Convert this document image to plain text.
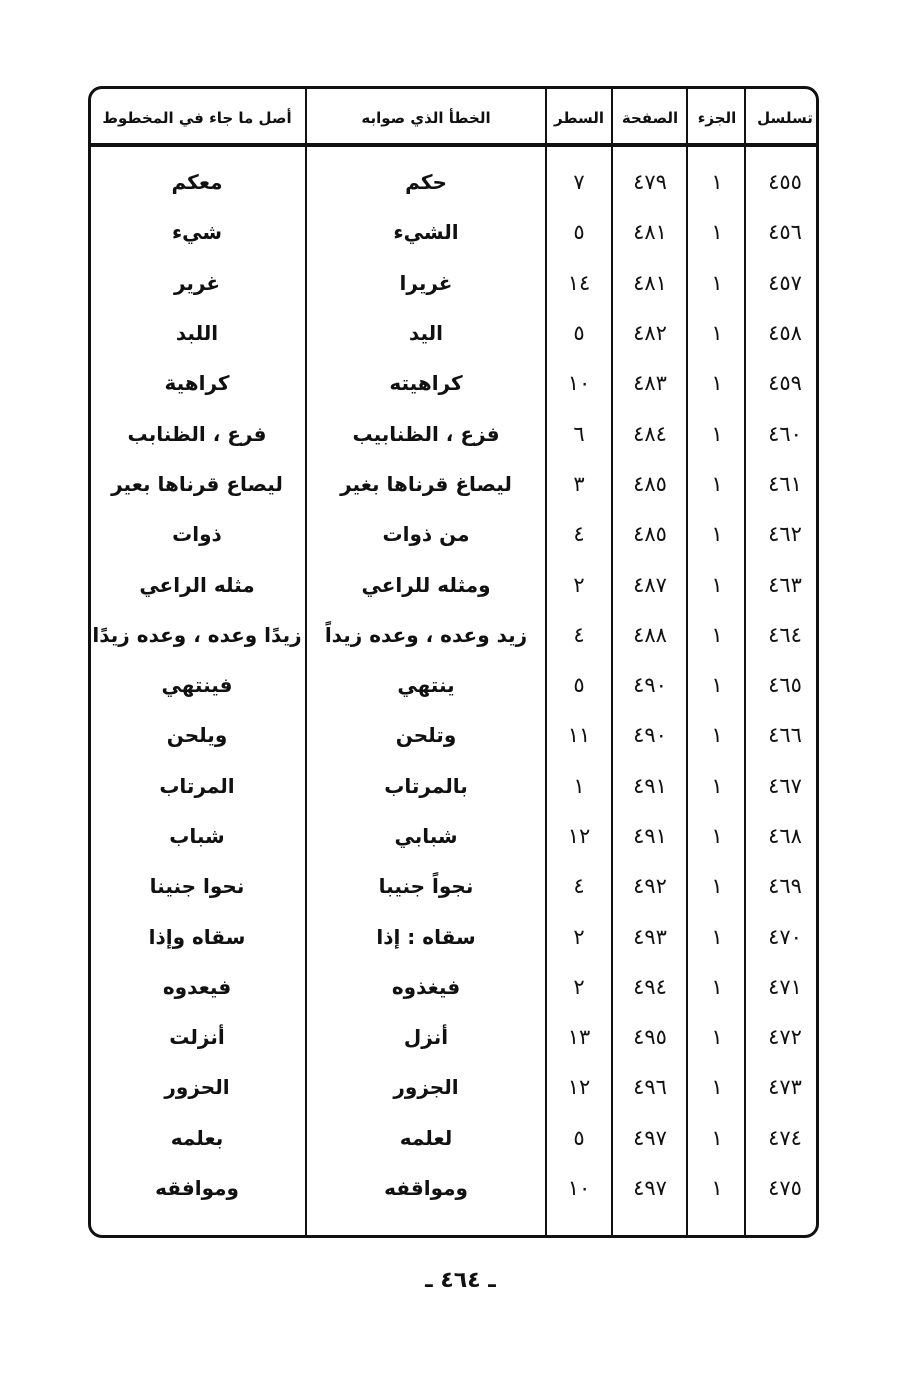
تسلسل
الجزء
الصفحة
السطر
الخطأ الذي صوابه
أصل ما جاء في المخطوط
٤٥٥
١
٤٧٩
٧
حكم
معكم
٤٥٦
١
٤٨١
٥
الشيء
شيء
٤٥٧
١
٤٨١
١٤
غريرا
غرير
٤٥٨
١
٤٨٢
٥
اليد
اللبد
٤٥٩
١
٤٨٣
١٠
كراهيته
كراهية
٤٦٠
١
٤٨٤
٦
فزع ، الظنابيب
فرع ، الظنابب
٤٦١
١
٤٨٥
٣
ليصاغ قرناها بغير
ليصاع قرناها بعير
٤٦٢
١
٤٨٥
٤
من ذوات
ذوات
٤٦٣
١
٤٨٧
٢
ومثله للراعي
مثله الراعي
٤٦٤
١
٤٨٨
٤
زيد وعده ، وعده زيداً
زيدًا وعده ، وعده زيدًا
٤٦٥
١
٤٩٠
٥
ينتهي
فينتهي
٤٦٦
١
٤٩٠
١١
وتلحن
ويلحن
٤٦٧
١
٤٩١
١
بالمرتاب
المرتاب
٤٦٨
١
٤٩١
١٢
شبابي
شباب
٤٦٩
١
٤٩٢
٤
نجواً جنيبا
نحوا جنينا
٤٧٠
١
٤٩٣
٢
سقاه : إذا
سقاه وإذا
٤٧١
١
٤٩٤
٢
فيغذوه
فيعدوه
٤٧٢
١
٤٩٥
١٣
أنزل
أنزلت
٤٧٣
١
٤٩٦
١٢
الجزور
الحزور
٤٧٤
١
٤٩٧
٥
لعلمه
بعلمه
٤٧٥
١
٤٩٧
١٠
ومواقفه
وموافقه
ـ ٤٦٤ ـ
